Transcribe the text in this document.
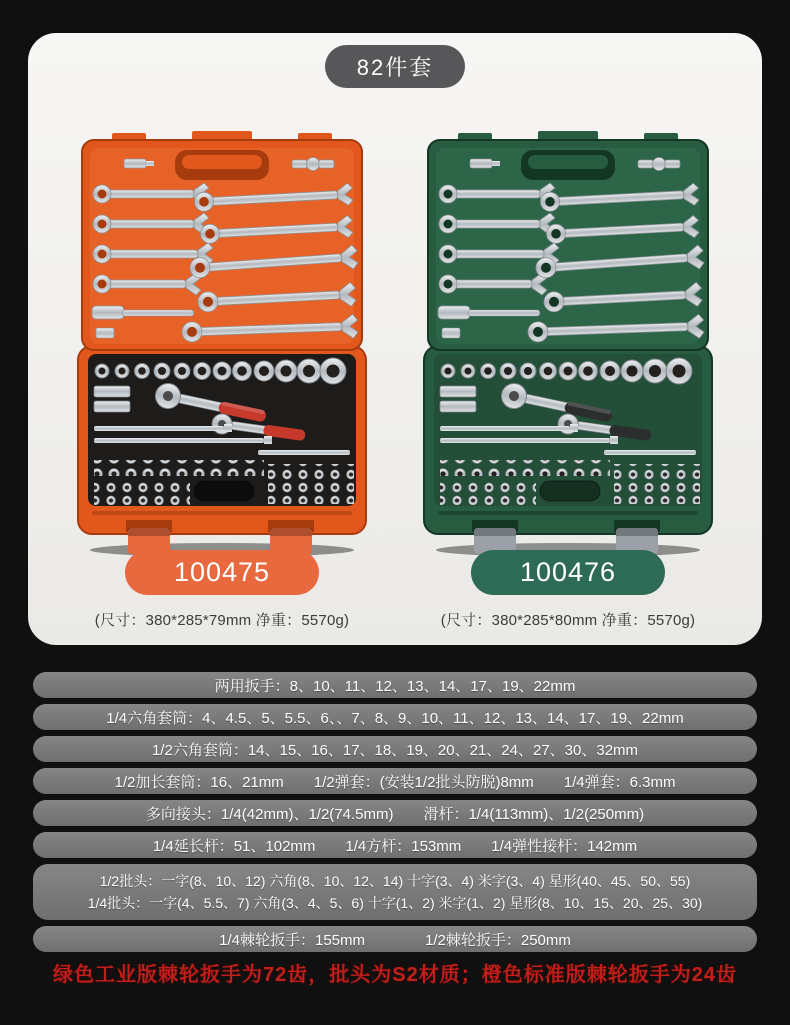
82件套
100475
(尺寸：380*285*79mm 净重：5570g)
100476
(尺寸：380*285*80mm 净重：5570g)
两用扳手：8、10、11、12、13、14、17、19、22mm
1/4六角套筒：4、4.5、5、5.5、6、、7、8、9、10、11、12、13、14、17、19、22mm
1/2六角套筒：14、15、16、17、18、19、20、21、24、27、30、32mm
1/2加长套筒：16、21mm　　1/2弹套：(安装1/2批头防脱)8mm　　1/4弹套：6.3mm
多向接头：1/4(42mm)、1/2(74.5mm)　　滑杆：1/4(113mm)、1/2(250mm)
1/4延长杆：51、102mm　　1/4方杆：153mm　　1/4弹性接杆：142mm
1/2批头：一字(8、10、12) 六角(8、10、12、14) 十字(3、4) 米字(3、4) 星形(40、45、50、55)
1/4批头：一字(4、5.5、7) 六角(3、4、5、6) 十字(1、2) 米字(1、2) 星形(8、10、15、20、25、30)
1/4棘轮扳手：155mm　　　　1/2棘轮扳手：250mm
绿色工业版棘轮扳手为72齿，批头为S2材质；橙色标准版棘轮扳手为24齿
